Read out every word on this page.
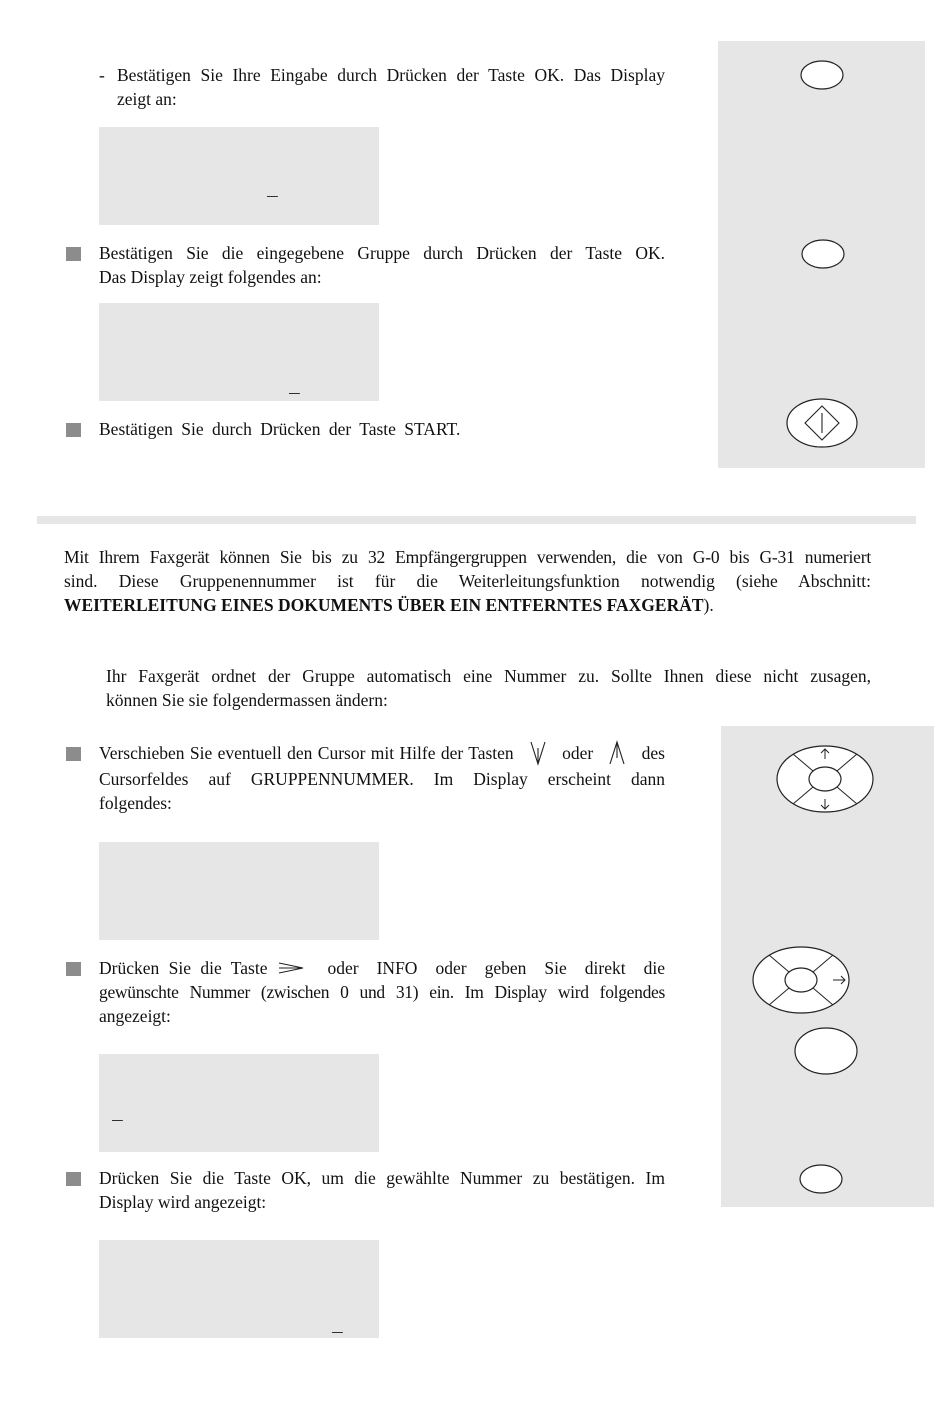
- Bestätigen Sie Ihre Eingabe durch Drücken der Taste OK. Das Display
zeigt an:
_
Bestätigen Sie die eingegebene Gruppe durch Drücken der Taste OK.
Das Display zeigt folgendes an:
_
Bestätigen Sie durch Drücken der Taste START.
Mit Ihrem Faxgerät können Sie bis zu 32 Empfängergruppen verwenden, die von G-0 bis G-31 numeriert
sind. Diese Gruppenennummer ist für die Weiterleitungsfunktion notwendig (siehe Abschnitt:
WEITERLEITUNG EINES DOKUMENTS ÜBER EIN ENTFERNTES FAXGERÄT).
Ihr Faxgerät ordnet der Gruppe automatisch eine Nummer zu. Sollte Ihnen diese nicht zusagen,
können Sie sie folgendermassen ändern:
Verschieben Sie eventuell den Cursor mit Hilfe der Tasten	oder	des
Cursorfeldes auf GRUPPENNUMMER. Im Display erscheint dann
folgendes:
Drücken Sie die Taste	oder INFO oder geben Sie direkt die
gewünschte Nummer (zwischen 0 und 31) ein. Im Display wird folgendes
angezeigt:
_
Drücken Sie die Taste OK, um die gewählte Nummer zu bestätigen. Im
Display wird angezeigt:
_
